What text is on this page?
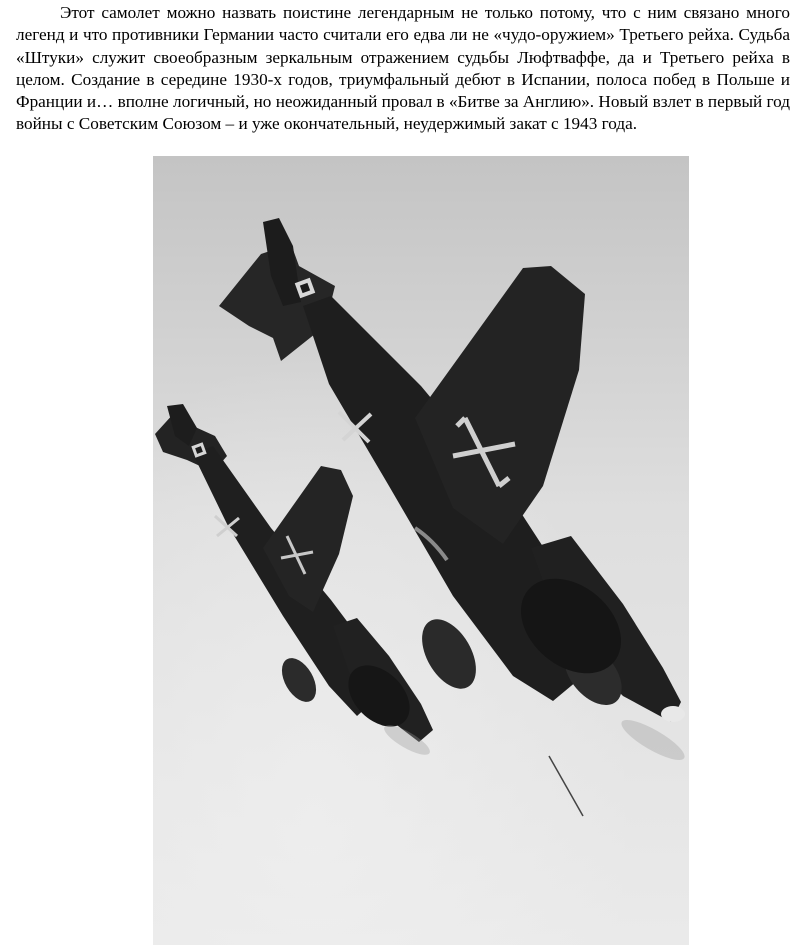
Этот самолет можно назвать поистине легендарным не только потому, что с ним связано много легенд и что противники Германии часто считали его едва ли не «чудо-оружием» Третьего рейха. Судьба «Штуки» служит своеобразным зеркальным отражением судьбы Люфтваффе, да и Третьего рейха в целом. Создание в середине 1930-х годов, триумфальный дебют в Испании, полоса побед в Польше и Франции и… вполне логичный, но неожиданный провал в «Битве за Англию». Новый взлет в первый год войны с Советским Союзом – и уже окончательный, неудержимый закат с 1943 года.
